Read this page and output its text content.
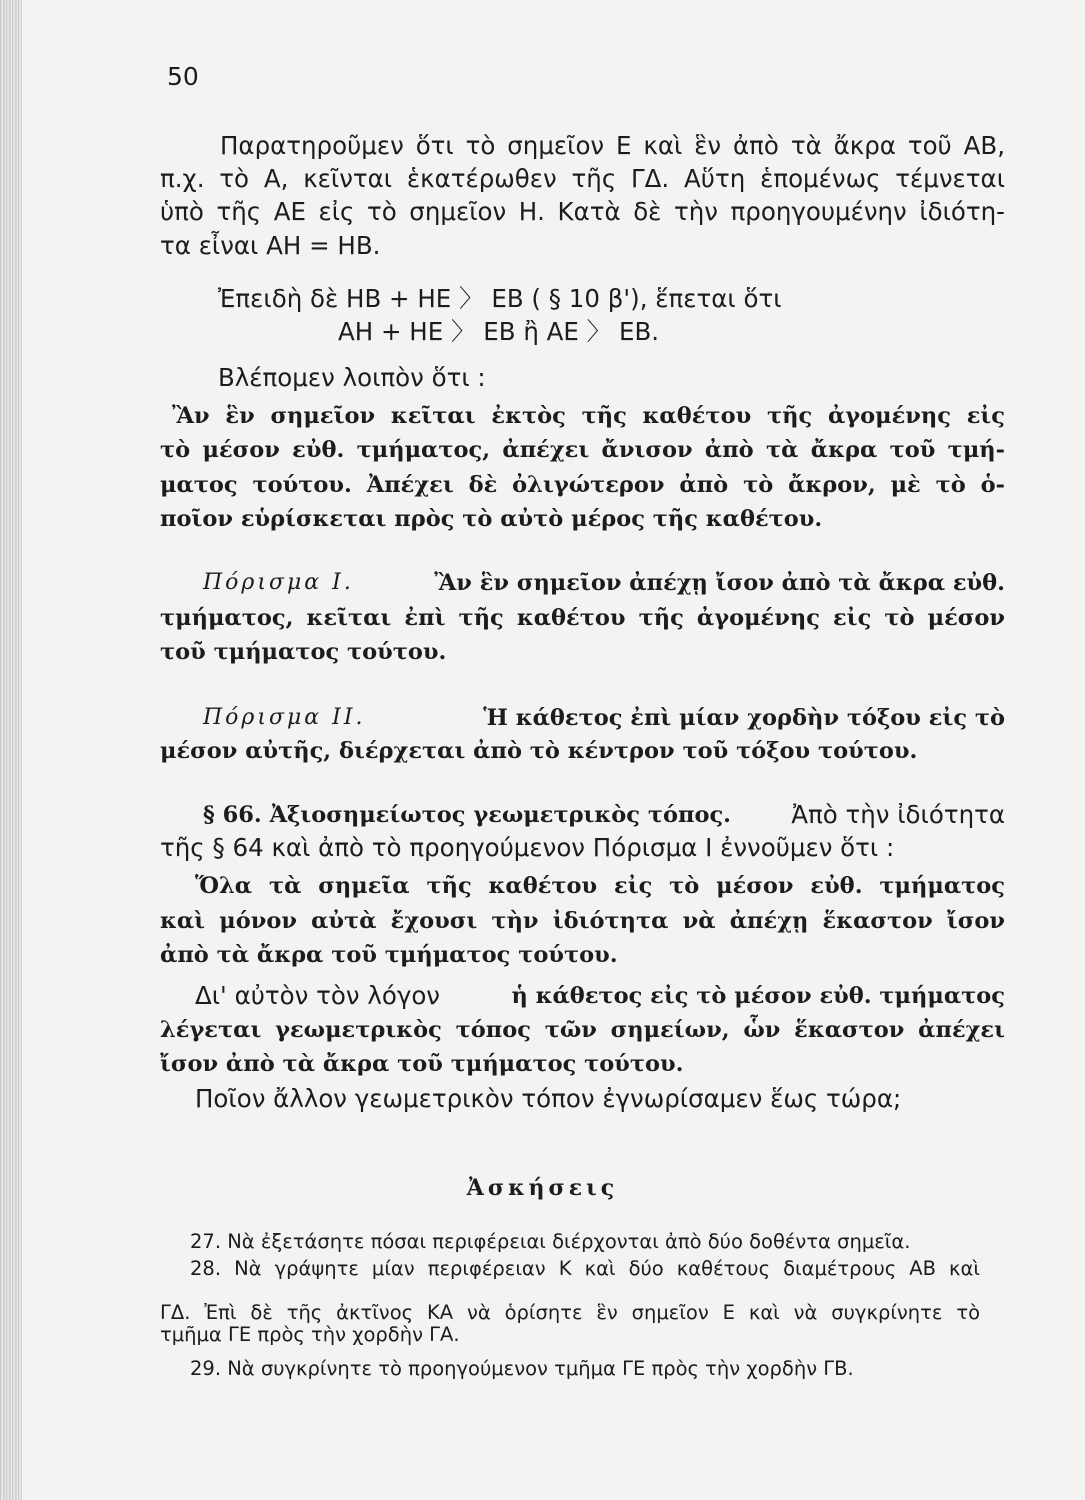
50
Παρατηροῦμεν ὅτι τὸ σημεῖον Ε καὶ ἓν ἀπὸ τὰ ἄκρα τοῦ ΑΒ,
π.χ. τὸ Α, κεῖνται ἑκατέρωθεν τῆς ΓΔ. Αὕτη ἑπομένως τέμνεται
ὑπὸ τῆς ΑΕ εἰς τὸ σημεῖον Η. Κατὰ δὲ τὴν προηγουμένην ἰδιότη-
τα εἶναι ΑΗ = ΗΒ.
Ἐπειδὴ δὲ ΗΒ + ΗΕ 〉 ΕΒ ( § 10 β'), ἕπεται ὅτι
ΑΗ + ΗΕ 〉 ΕΒ ἢ ΑΕ 〉 ΕΒ.
Βλέπομεν λοιπὸν ὅτι :
Ἂν ἓν σημεῖον κεῖται ἐκτὸς τῆς καθέτου τῆς ἀγομένης εἰς
τὸ μέσον εὐθ. τμήματος, ἀπέχει ἄνισον ἀπὸ τὰ ἄκρα τοῦ τμή-
ματος τούτου. Ἀπέχει δὲ ὀλιγώτερον ἀπὸ τὸ ἄκρον, μὲ τὸ ὁ-
ποῖον εὑρίσκεται πρὸς τὸ αὐτὸ μέρος τῆς καθέτου.
Πόρισμα Ι.	Ἂν ἓν σημεῖον ἀπέχῃ ἴσον ἀπὸ τὰ ἄκρα εὐθ.
τμήματος, κεῖται ἐπὶ τῆς καθέτου τῆς ἀγομένης εἰς τὸ μέσον
τοῦ τμήματος τούτου.
Πόρισμα ΙΙ.	Ἡ κάθετος ἐπὶ μίαν χορδὴν τόξου εἰς τὸ
μέσον αὐτῆς, διέρχεται ἀπὸ τὸ κέντρον τοῦ τόξου τούτου.
§ 66. Ἀξιοσημείωτος γεωμετρικὸς τόπος. Ἀπὸ τὴν ἰδιότητα
τῆς § 64 καὶ ἀπὸ τὸ προηγούμενον Πόρισμα Ι ἐννοῦμεν ὅτι :
Ὅλα τὰ σημεῖα τῆς καθέτου εἰς τὸ μέσον εὐθ. τμήματος
καὶ μόνον αὐτὰ ἔχουσι τὴν ἰδιότητα νὰ ἀπέχῃ ἕκαστον ἴσον
ἀπὸ τὰ ἄκρα τοῦ τμήματος τούτου.
Δι' αὐτὸν τὸν λόγον	ἡ κάθετος εἰς τὸ μέσον εὐθ. τμήματος
λέγεται γεωμετρικὸς τόπος τῶν σημείων, ὧν ἕκαστον ἀπέχει
ἴσον ἀπὸ τὰ ἄκρα τοῦ τμήματος τούτου.
Ποῖον ἄλλον γεωμετρικὸν τόπον ἐγνωρίσαμεν ἕως τώρα;
Ἀσκήσεις
27. Νὰ ἐξετάσητε πόσαι περιφέρειαι διέρχονται ἀπὸ δύο δοθέντα σημεῖα.
28. Νὰ γράψητε μίαν περιφέρειαν Κ καὶ δύο καθέτους διαμέτρους ΑΒ καὶ
ΓΔ. Ἐπὶ δὲ τῆς ἀκτῖνος ΚΑ νὰ ὁρίσητε ἓν σημεῖον Ε καὶ νὰ συγκρίνητε τὸ
τμῆμα ΓΕ πρὸς τὴν χορδὴν ΓΑ.
29. Νὰ συγκρίνητε τὸ προηγούμενον τμῆμα ΓΕ πρὸς τὴν χορδὴν ΓΒ.
